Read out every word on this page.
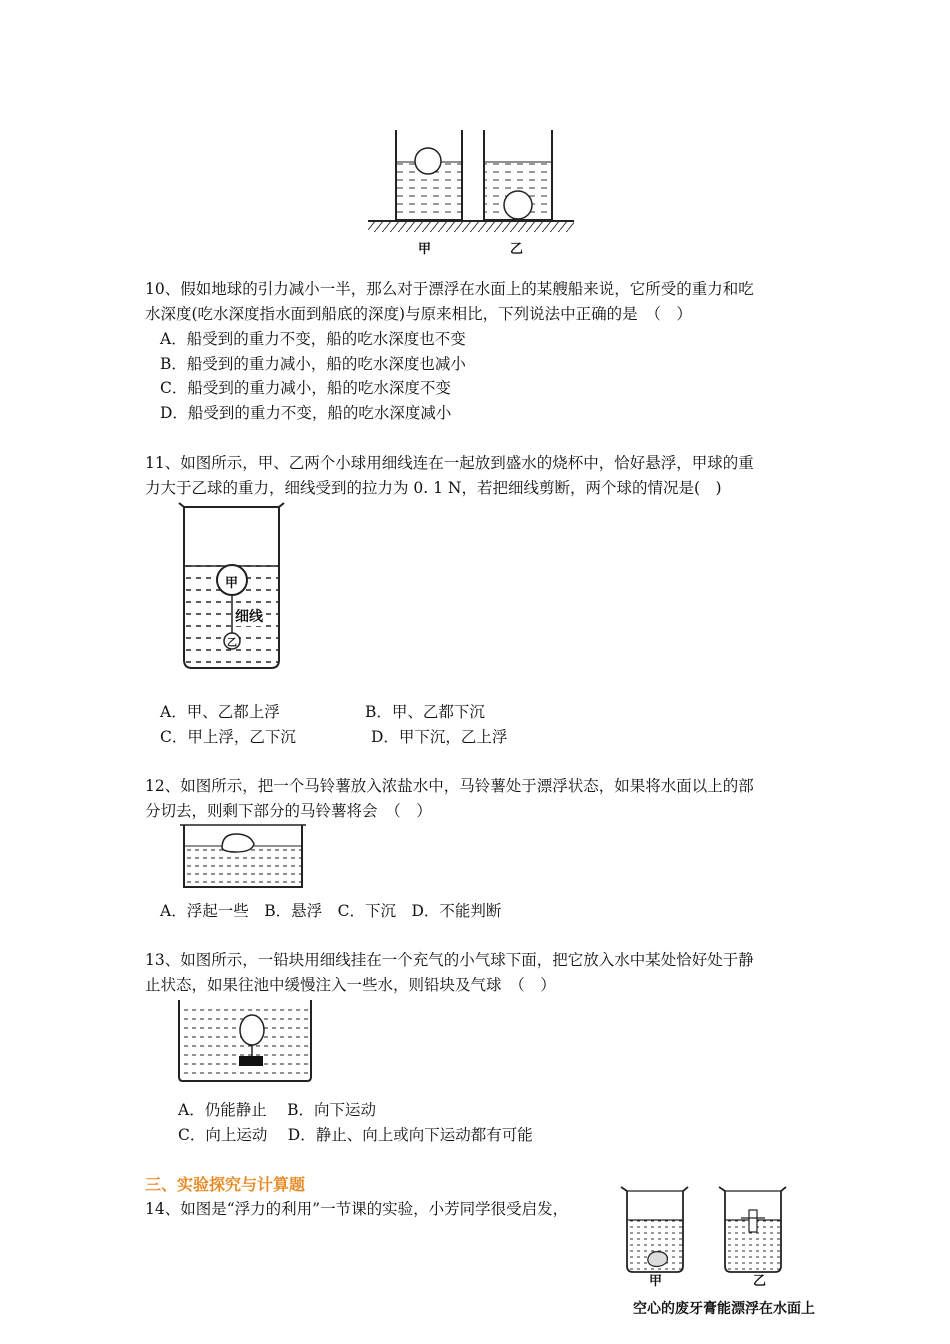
甲	乙
10、假如地球的引力减小一半，那么对于漂浮在水面上的某艘船来说，它所受的重力和吃
水深度(吃水深度指水面到船底的深度)与原来相比，下列说法中正确的是　（　）
A．船受到的重力不变，船的吃水深度也不变
B．船受到的重力减小，船的吃水深度也减小
C．船受到的重力减小，船的吃水深度不变
D．船受到的重力不变，船的吃水深度减小
11、如图所示，甲、乙两个小球用细线连在一起放到盛水的烧杯中，恰好悬浮，甲球的重
力大于乙球的重力，细线受到的拉力为 0. 1 N，若把细线剪断，两个球的情况是(　)
甲
细线
乙
A．甲、乙都上浮	B．甲、乙都下沉
C．甲上浮，乙下沉	D．甲下沉，乙上浮
12、如图所示，把一个马铃薯放入浓盐水中，马铃薯处于漂浮状态，如果将水面以上的部
分切去，则剩下部分的马铃薯将会　（　）
A．浮起一些　B．悬浮　C．下沉　D．不能判断
13、如图所示，一铅块用细线挂在一个充气的小气球下面，把它放入水中某处恰好处于静
止状态，如果往池中缓慢注入一些水，则铅块及气球　（　）
A．仍能静止　 B．向下运动
C．向上运动　 D．静止、向上或向下运动都有可能
三、实验探究与计算题
14、如图是“浮力的利用”一节课的实验，小芳同学很受启发，
甲	乙
空心的废牙膏能漂浮在水面上
